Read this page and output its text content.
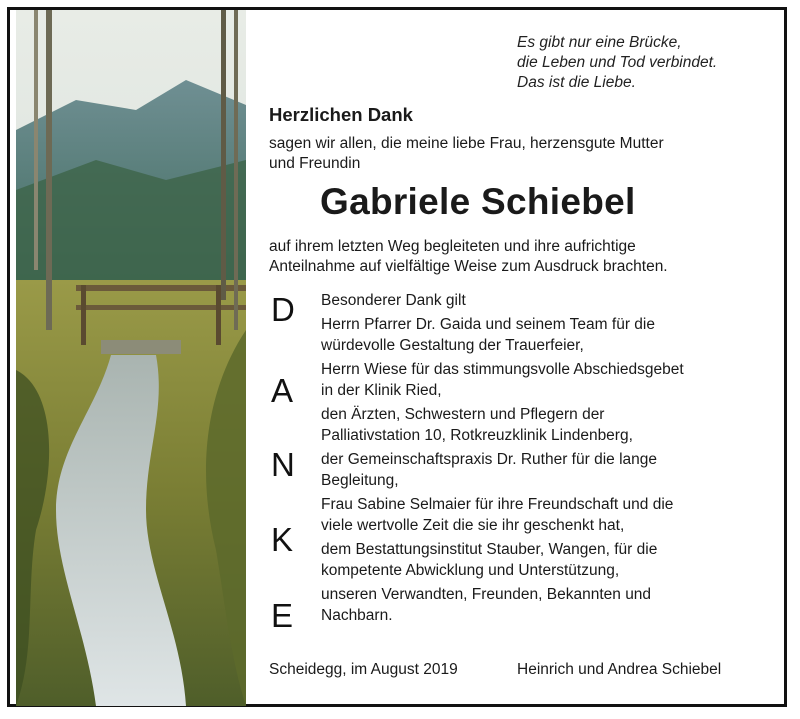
Es gibt nur eine Brücke,
die Leben und Tod verbindet.
Das ist die Liebe.
Herzlichen Dank
sagen wir allen, die meine liebe Frau, herzensgute Mutter
und Freundin
Gabriele Schiebel
auf ihrem letzten Weg begleiteten und ihre aufrichtige
Anteilnahme auf vielfältige Weise zum Ausdruck brachten.
D
A
N
K
E
Besonderer Dank gilt
Herrn Pfarrer Dr. Gaida und seinem Team für die
würdevolle Gestaltung der Trauerfeier,
Herrn Wiese für das stimmungsvolle Abschiedsgebet
in der Klinik Ried,
den Ärzten, Schwestern und Pflegern der
Palliativstation 10, Rotkreuzklinik Lindenberg,
der Gemeinschaftspraxis Dr. Ruther für die lange
Begleitung,
Frau Sabine Selmaier für ihre Freundschaft und die
viele wertvolle Zeit die sie ihr geschenkt hat,
dem Bestattungsinstitut Stauber, Wangen, für die
kompetente Abwicklung und Unterstützung,
unseren Verwandten, Freunden, Bekannten und
Nachbarn.
Scheidegg, im August 2019	Heinrich und Andrea Schiebel
